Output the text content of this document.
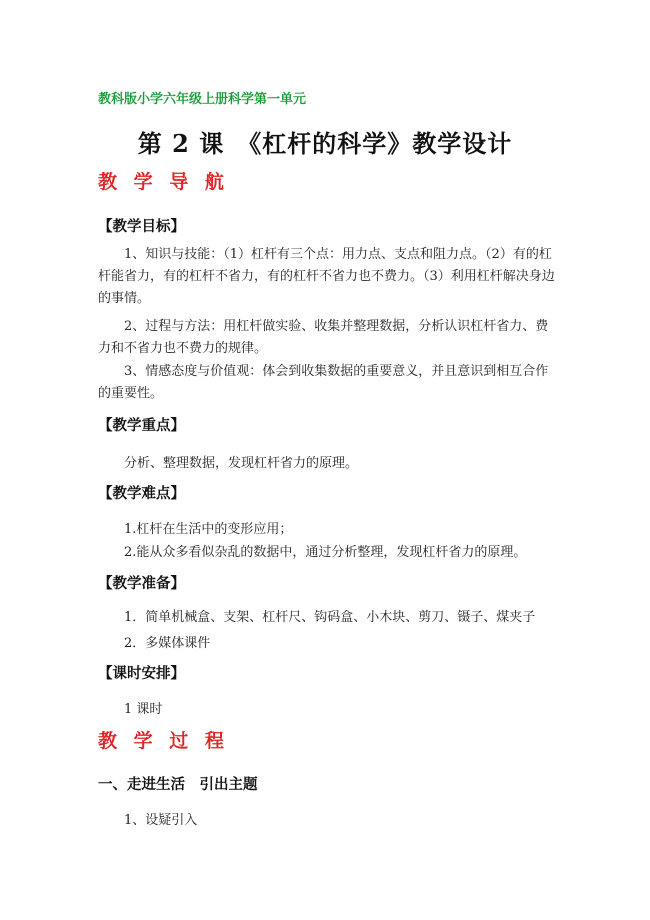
教科版小学六年级上册科学第一单元
第 2 课　《杠杆的科学》教学设计
教 学 导 航
【教学目标】
1、知识与技能：（1）杠杆有三个点：用力点、支点和阻力点。（2）有的杠杆能省力，有的杠杆不省力，有的杠杆不省力也不费力。（3）利用杠杆解决身边的事情。
2、过程与方法：用杠杆做实验、收集并整理数据，分析认识杠杆省力、费力和不省力也不费力的规律。
3、情感态度与价值观：体会到收集数据的重要意义，并且意识到相互合作的重要性。
【教学重点】
分析、整理数据，发现杠杆省力的原理。
【教学难点】
1.杠杆在生活中的变形应用；
2.能从众多看似杂乱的数据中，通过分析整理，发现杠杆省力的原理。
【教学准备】
1．简单机械盒、支架、杠杆尺、钩码盒、小木块、剪刀、镊子、煤夹子
2．多媒体课件
【课时安排】
1 课时
教 学 过 程
一、走进生活　引出主题
1、设疑引入
